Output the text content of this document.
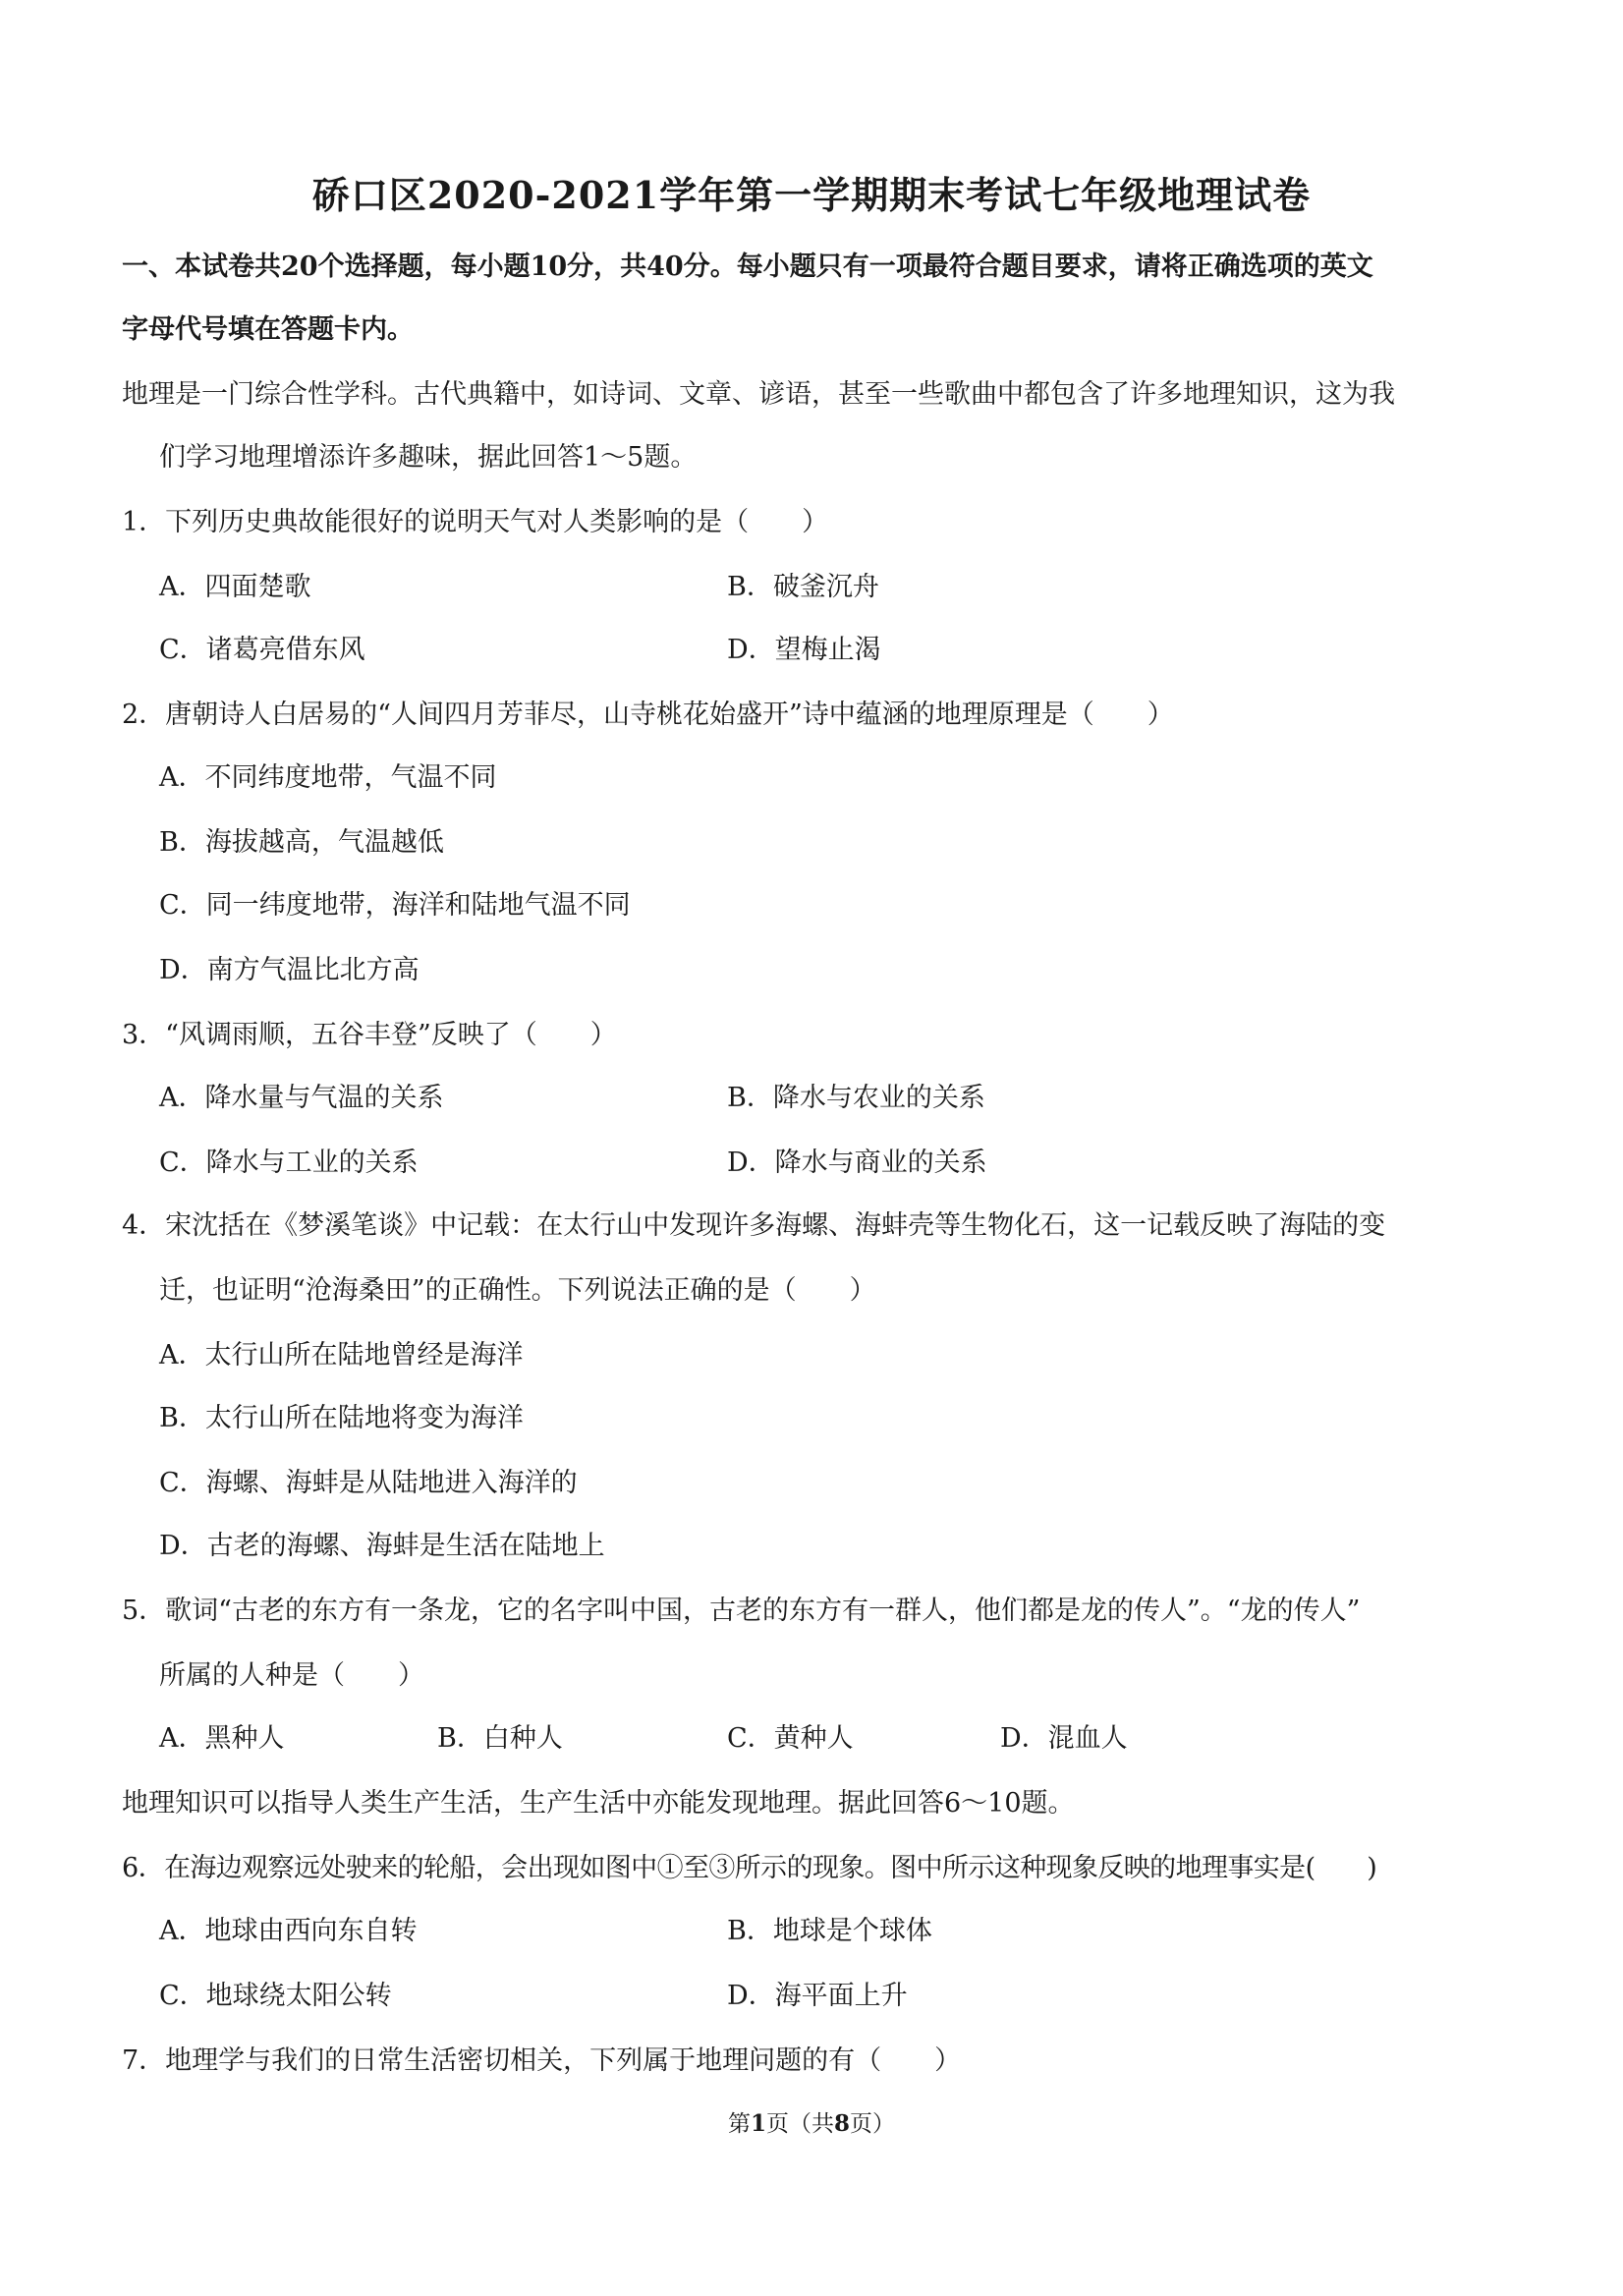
硚口区2020-2021学年第一学期期末考试七年级地理试卷
一、本试卷共20个选择题，每小题10分，共40分。每小题只有一项最符合题目要求，请将正确选项的英文
字母代号填在答题卡内。
地理是一门综合性学科。古代典籍中，如诗词、文章、谚语，甚至一些歌曲中都包含了许多地理知识，这为我
们学习地理增添许多趣味，据此回答1～5题。
1．下列历史典故能很好的说明天气对人类影响的是（　　）
A．四面楚歌	B．破釜沉舟
C．诸葛亮借东风	D．望梅止渴
2．唐朝诗人白居易的“人间四月芳菲尽，山寺桃花始盛开”诗中蕴涵的地理原理是（　　）
A．不同纬度地带，气温不同
B．海拔越高，气温越低
C．同一纬度地带，海洋和陆地气温不同
D．南方气温比北方高
3．“风调雨顺，五谷丰登”反映了（　　）
A．降水量与气温的关系	B．降水与农业的关系
C．降水与工业的关系	D．降水与商业的关系
4．宋沈括在《梦溪笔谈》中记载：在太行山中发现许多海螺、海蚌壳等生物化石，这一记载反映了海陆的变
迁，也证明“沧海桑田”的正确性。下列说法正确的是（　　）
A．太行山所在陆地曾经是海洋
B．太行山所在陆地将变为海洋
C．海螺、海蚌是从陆地进入海洋的
D．古老的海螺、海蚌是生活在陆地上
5．歌词“古老的东方有一条龙，它的名字叫中国，古老的东方有一群人，他们都是龙的传人”。“龙的传人”
所属的人种是（　　）
A．黑种人	B．白种人	C．黄种人	D．混血人
地理知识可以指导人类生产生活，生产生活中亦能发现地理。据此回答6～10题。
6．在海边观察远处驶来的轮船，会出现如图中①至③所示的现象。图中所示这种现象反映的地理事实是(　　)
A．地球由西向东自转	B．地球是个球体
C．地球绕太阳公转	D．海平面上升
7．地理学与我们的日常生活密切相关，下列属于地理问题的有（　　）
第1页（共8页）
